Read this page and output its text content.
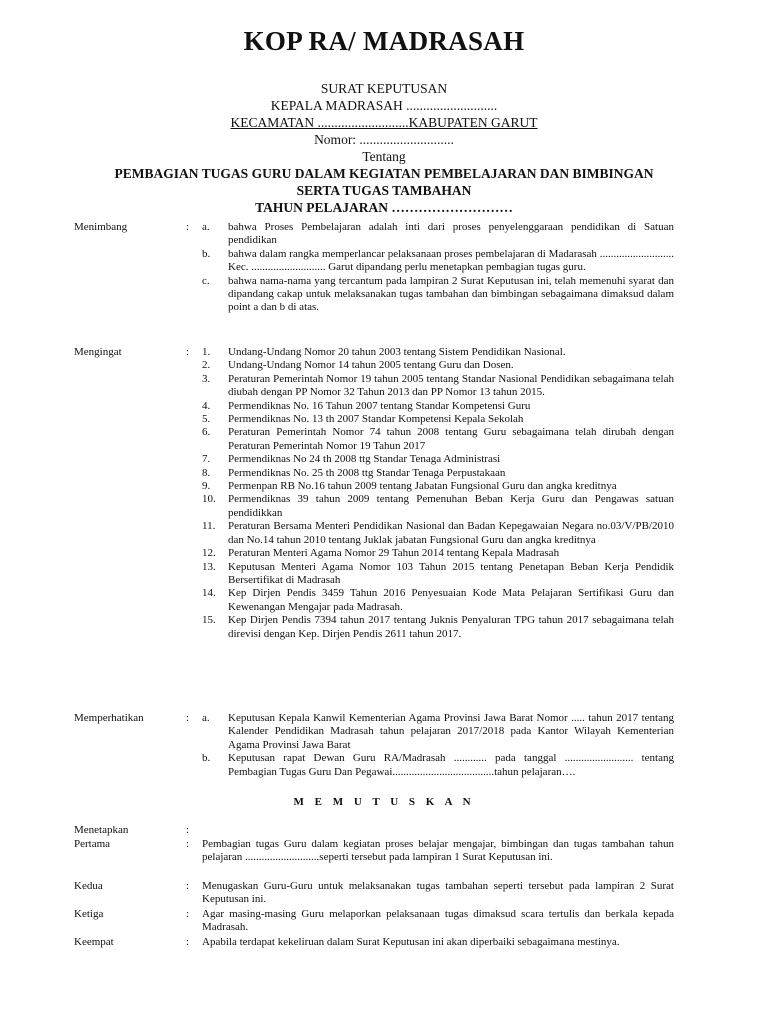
KOP RA/ MADRASAH
SURAT KEPUTUSAN
KEPALA MADRASAH ...........................
KECAMATAN ...........................KABUPATEN GARUT
Nomor: ............................
Tentang
PEMBAGIAN TUGAS GURU DALAM KEGIATAN PEMBELAJARAN DAN BIMBINGAN
SERTA TUGAS TAMBAHAN
TAHUN PELAJARAN ………………………
Menimbang	: a.	bahwa Proses Pembelajaran adalah inti dari proses penyelenggaraan pendidikan di Satuan pendidikan
b.	bahwa dalam rangka memperlancar pelaksanaan proses pembelajaran di Madarasah ........................... Kec. ........................... Garut dipandang perlu menetapkan pembagian tugas guru.
c.	bahwa nama-nama yang tercantum pada lampiran 2 Surat Keputusan ini, telah memenuhi syarat dan dipandang cakap untuk melaksanakan tugas tambahan dan bimbingan sebagaimana dimaksud dalam point a dan b di atas.
Mengingat	: 1.	Undang-Undang Nomor 20 tahun 2003 tentang Sistem Pendidikan Nasional.
2.	Undang-Undang Nomor 14 tahun 2005 tentang Guru dan Dosen.
3.	Peraturan Pemerintah Nomor 19 tahun 2005 tentang Standar Nasional Pendidikan sebagaimana telah diubah dengan PP Nomor 32 Tahun 2013 dan PP Nomor 13 tahun 2015.
4.	Permendiknas No. 16 Tahun 2007 tentang Standar Kompetensi Guru
5.	Permendiknas No. 13 th 2007 Standar Kompetensi Kepala Sekolah
6.	Peraturan Pemerintah Nomor 74 tahun 2008 tentang Guru sebagaimana telah dirubah dengan Peraturan Pemerintah Nomor 19 Tahun 2017
7.	Permendiknas No 24 th 2008 ttg Standar Tenaga Administrasi
8.	Permendiknas No. 25 th 2008 ttg Standar Tenaga Perpustakaan
9.	Permenpan RB No.16 tahun 2009 tentang Jabatan Fungsional Guru dan angka kreditnya
10.	Permendiknas 39 tahun 2009 tentang Pemenuhan Beban Kerja Guru dan Pengawas satuan pendidikkan
11.	Peraturan Bersama Menteri Pendidikan Nasional dan Badan Kepegawaian Negara no.03/V/PB/2010 dan No.14 tahun 2010 tentang Juklak jabatan Fungsional Guru dan angka kreditnya
12.	Peraturan Menteri Agama Nomor 29 Tahun 2014 tentang Kepala Madrasah
13.	Keputusan Menteri Agama Nomor 103 Tahun 2015 tentang Penetapan Beban Kerja Pendidik Bersertifikat di Madrasah
14.	Kep Dirjen Pendis 3459 Tahun 2016 Penyesuaian Kode Mata Pelajaran Sertifikasi Guru dan Kewenangan Mengajar pada Madrasah.
15.	Kep Dirjen Pendis 7394 tahun 2017 tentang Juknis Penyaluran TPG tahun 2017 sebagaimana telah direvisi dengan Kep. Dirjen Pendis 2611 tahun 2017.
Memperhatikan	: a.	Keputusan Kepala Kanwil Kementerian Agama Provinsi Jawa Barat Nomor ..... tahun 2017 tentang Kalender Pendidikan Madrasah tahun pelajaran 2017/2018 pada Kantor Wilayah Kementerian Agama Provinsi Jawa Barat
b.	Keputusan rapat Dewan Guru RA/Madrasah ............ pada tanggal ......................... tentang Pembagian Tugas Guru Dan Pegawai.....................................tahun pelajaran….
M E M U T U S K A N
Menetapkan	:
Pertama	: Pembagian tugas Guru dalam kegiatan proses belajar mengajar, bimbingan dan tugas tambahan tahun pelajaran ...........................seperti tersebut pada lampiran 1 Surat Keputusan ini.
Kedua	: Menugaskan Guru-Guru untuk melaksanakan tugas tambahan seperti tersebut pada lampiran 2 Surat Keputusan ini.
Ketiga	: Agar masing-masing Guru melaporkan pelaksanaan tugas dimaksud scara tertulis dan berkala kepada Madrasah.
Keempat	: Apabila terdapat kekeliruan dalam Surat Keputusan ini akan diperbaiki sebagaimana mestinya.
